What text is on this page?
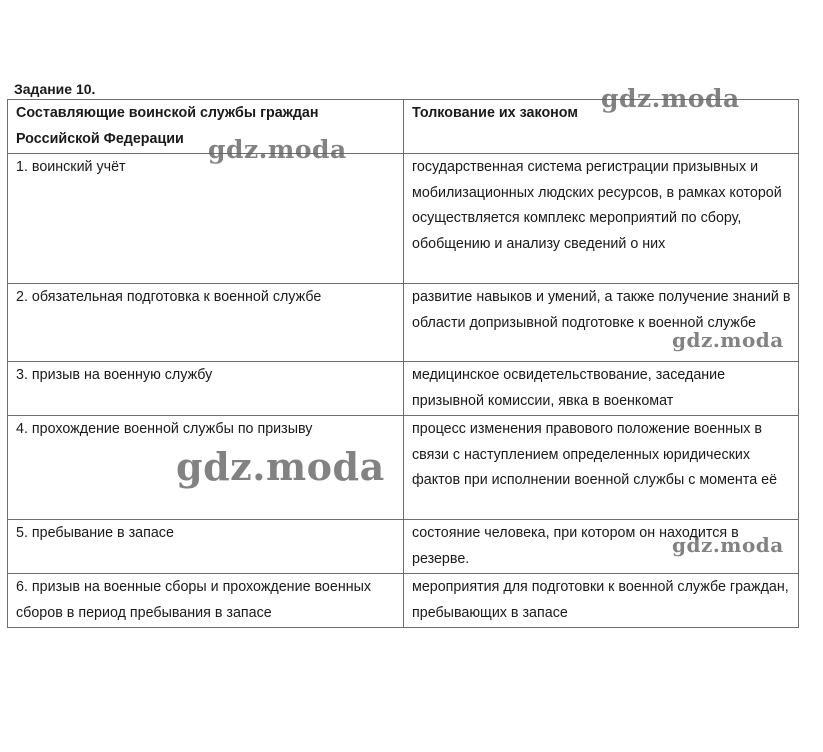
Задание 10.
Составляющие воинской службы граждан Российской Федерации	Толкование их законом
1. воинский учёт	государственная система регистрации призывных и мобилизационных людских ресурсов, в рамках которой осуществляется комплекс мероприятий по сбору, обобщению и анализу сведений о них
2. обязательная подготовка к военной службе	развитие навыков и умений, а также получение знаний в области допризывной подготовке к военной службе
3. призыв на военную службу	медицинское освидетельствование, заседание призывной комиссии, явка в военкомат
4. прохождение военной службы по призыву	процесс изменения правового положение военных в связи с наступлением определенных юридических фактов при исполнении военной службы с момента её
5. пребывание в запасе	состояние человека, при котором он находится в резерве.
6. призыв на военные сборы и прохождение военных сборов в период пребывания в запасе	мероприятия для подготовки к военной службе граждан, пребывающих в запасе
gdz.moda
gdz.moda
gdz.moda
gdz.moda
gdz.moda
